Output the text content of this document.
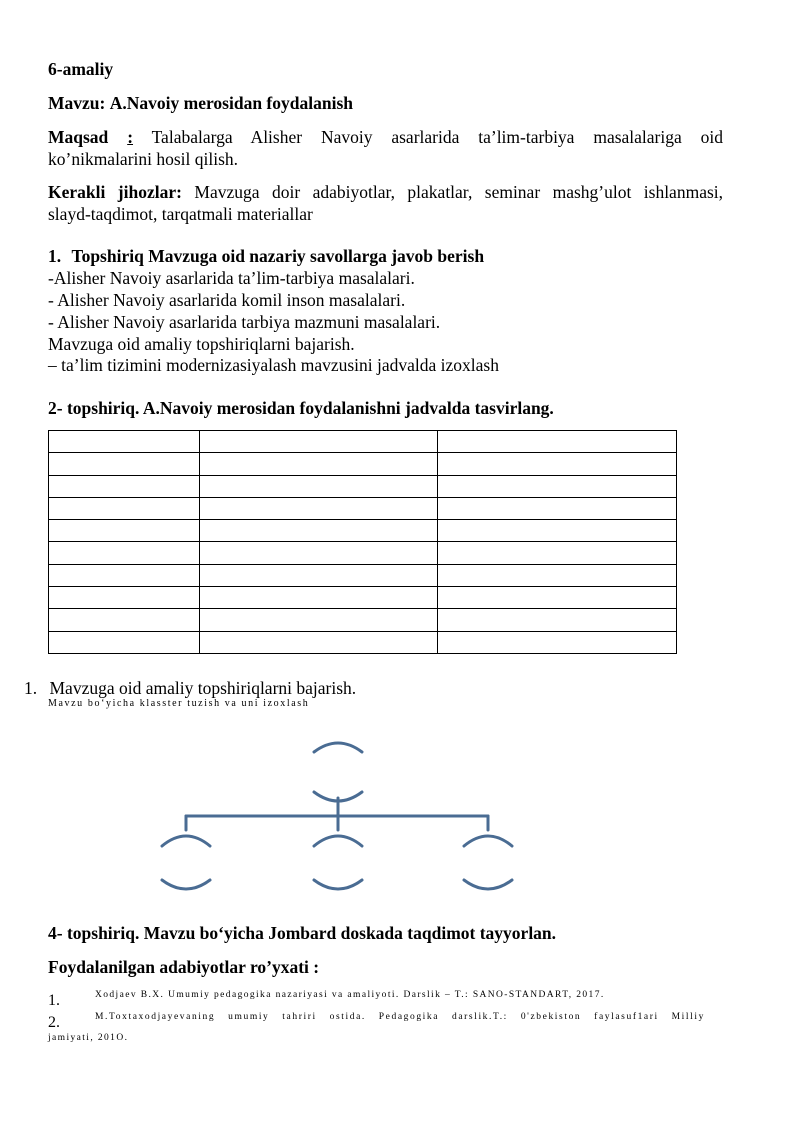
6-amaliy
Mavzu: A.Navoiy merosidan foydalanish
Maqsad : Talabalarga Alisher Navoiy asarlarida ta’lim-tarbiya masalalariga oid
ko’nikmalarini hosil qilish.
Kerakli jihozlar: Mavzuga doir adabiyotlar, plakatlar, seminar mashg’ulot ishlanmasi,
slayd-taqdimot, tarqatmali materiallar
1. Topshiriq Mavzuga oid nazariy savollarga javob berish
-Alisher Navoiy asarlarida ta’lim-tarbiya masalalari.
- Alisher Navoiy asarlarida komil inson masalalari.
- Alisher Navoiy asarlarida tarbiya mazmuni masalalari.
Mavzuga oid amaliy topshiriqlarni bajarish.
– ta’lim tizimini modernizasiyalash mavzusini jadvalda izoxlash
2- topshiriq. A.Navoiy merosidan foydalanishni jadvalda tasvirlang.

1. Mavzuga oid amaliy topshiriqlarni bajarish.
Mavzu bo‘yicha klasster tuzish va uni izoxlash
4- topshiriq. Mavzu bo‘yicha Jombard doskada taqdimot tayyorlan.
Foydalanilgan adabiyotlar ro’yxati :
1.	Xodjaev B.X. Umumiy pedagogika nazariyasi va amaliyoti. Darslik – T.: SANO-STANDART, 2017.
2.	M.Toxtaxodjayevaning umumiy tahriri ostida. Pedagogika darslik.T.: 0'zbekiston faylasuf1ari Milliy
jamiyati, 201O.
